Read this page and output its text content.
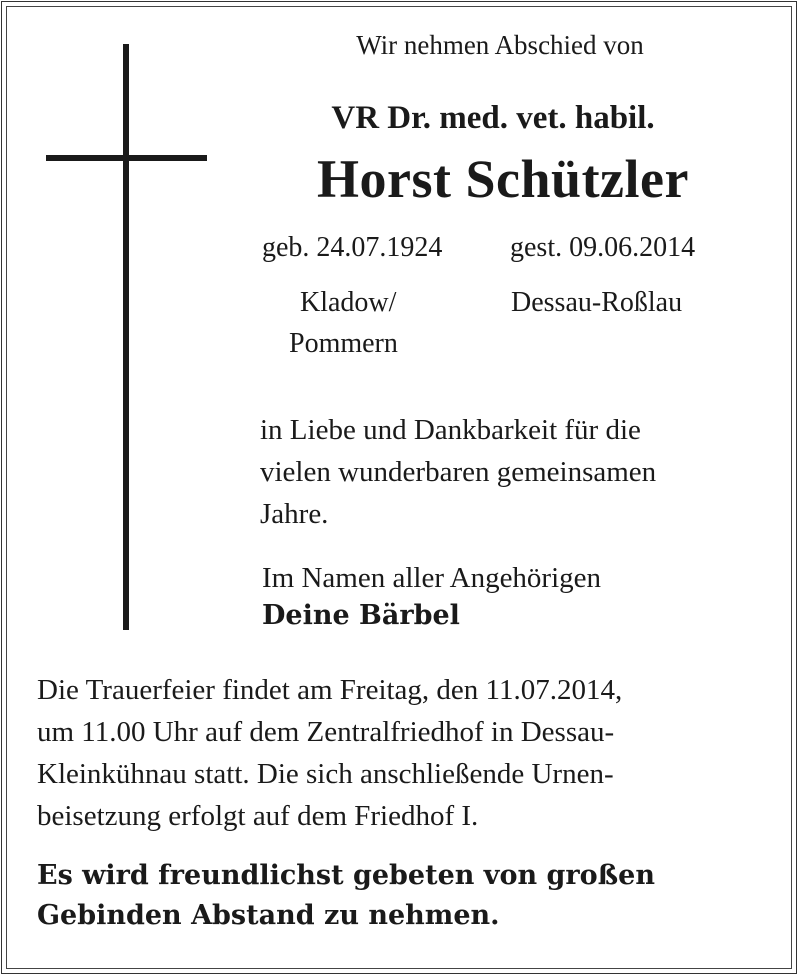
Wir nehmen Abschied von
VR Dr. med. vet. habil.
Horst Schützler
geb. 24.07.1924 gest. 09.06.2014
Kladow/
Pommern
Dessau-Roßlau
in Liebe und Dankbarkeit für die
vielen wunderbaren gemeinsamen
Jahre.
Im Namen aller Angehörigen
Deine Bärbel
Die Trauerfeier findet am Freitag, den 11.07.2014,
um 11.00 Uhr auf dem Zentralfriedhof in Dessau-
Kleinkühnau statt. Die sich anschließende Urnen-
beisetzung erfolgt auf dem Friedhof I.
Es wird freundlichst gebeten von großen
Gebinden Abstand zu nehmen.
